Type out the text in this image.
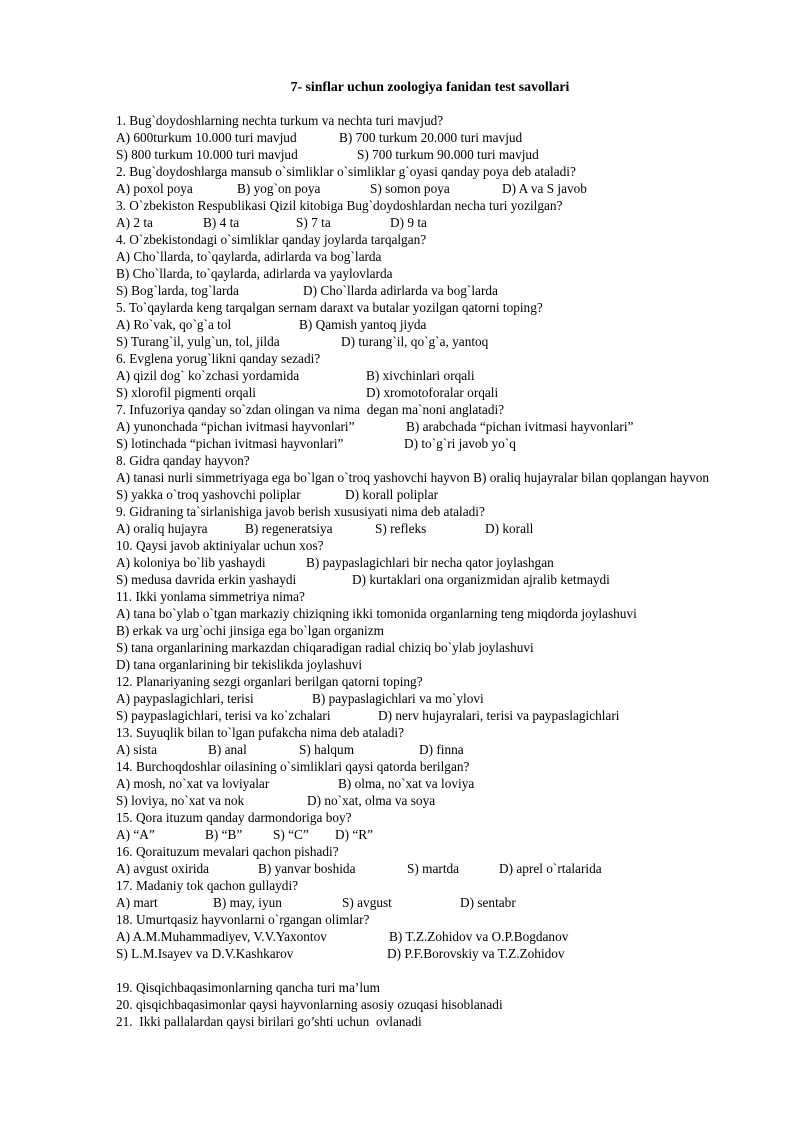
7- sinflar uchun zoologiya fanidan test savollari
1. Bug`doydoshlarning nechta turkum va nechta turi mavjud?
A) 600turkum 10.000 turi mavjud	B) 700 turkum 20.000 turi mavjud
S) 800 turkum 10.000 turi mavjud	S) 700 turkum 90.000 turi mavjud
2. Bug`doydoshlarga mansub o`simliklar o`simliklar g`oyasi qanday poya deb ataladi?
A) poxol poya	B) yog`on poya	S) somon poya	D) A va S javob
3. O`zbekiston Respublikasi Qizil kitobiga Bug`doydoshlardan necha turi yozilgan?
A) 2 ta	B) 4 ta	S) 7 ta	D) 9 ta
4. O`zbekistondagi o`simliklar qanday joylarda tarqalgan?
A) Cho`llarda, to`qaylarda, adirlarda va bog`larda
B) Cho`llarda, to`qaylarda, adirlarda va yaylovlarda
S) Bog`larda, tog`larda	D) Cho`llarda adirlarda va bog`larda
5. To`qaylarda keng tarqalgan sernam daraxt va butalar yozilgan qatorni toping?
A) Ro`vak, qo`g`a tol	B) Qamish yantoq jiyda
S) Turang`il, yulg`un, tol, jilda	D) turang`il, qo`g`a, yantoq
6. Evglena yorug`likni qanday sezadi?
A) qizil dog` ko`zchasi yordamida	B) xivchinlari orqali
S) xlorofil pigmenti orqali	D) xromotoforalar orqali
7. Infuzoriya qanday so`zdan olingan va nima  degan ma`noni anglatadi?
A) yunonchada “pichan ivitmasi hayvonlari”	B) arabchada “pichan ivitmasi hayvonlari”
S) lotinchada “pichan ivitmasi hayvonlari”	D) to`g`ri javob yo`q
8. Gidra qanday hayvon?
A) tanasi nurli simmetriyaga ega bo`lgan o`troq yashovchi hayvon B) oraliq hujayralar bilan qoplangan hayvon
S) yakka o`troq yashovchi poliplar	D) korall poliplar
9. Gidraning ta`sirlanishiga javob berish xususiyati nima deb ataladi?
A) oraliq hujayra	B) regeneratsiya	S) refleks	D) korall
10. Qaysi javob aktiniyalar uchun xos?
A) koloniya bo`lib yashaydi	B) paypaslagichlari bir necha qator joylashgan
S) medusa davrida erkin yashaydi	D) kurtaklari ona organizmidan ajralib ketmaydi
11. Ikki yonlama simmetriya nima?
A) tana bo`ylab o`tgan markaziy chiziqning ikki tomonida organlarning teng miqdorda joylashuvi
B) erkak va urg`ochi jinsiga ega bo`lgan organizm
S) tana organlarining markazdan chiqaradigan radial chiziq bo`ylab joylashuvi
D) tana organlarining bir tekislikda joylashuvi
12. Planariyaning sezgi organlari berilgan qatorni toping?
A) paypaslagichlari, terisi	B) paypaslagichlari va mo`ylovi
S) paypaslagichlari, terisi va ko`zchalari	D) nerv hujayralari, terisi va paypaslagichlari
13. Suyuqlik bilan to`lgan pufakcha nima deb ataladi?
A) sista	B) anal	S) halqum	D) finna
14. Burchoqdoshlar oilasining o`simliklari qaysi qatorda berilgan?
A) mosh, no`xat va loviyalar	B) olma, no`xat va loviya
S) loviya, no`xat va nok	D) no`xat, olma va soya
15. Qora ituzum qanday darmondoriga boy?
A) “A”	B) “B” S) “C” D) “R”
16. Qoraituzum mevalari qachon pishadi?
A) avgust oxirida	B) yanvar boshida	S) martda	D) aprel o`rtalarida
17. Madaniy tok qachon gullaydi?
A) mart	B) may, iyun	S) avgust	D) sentabr
18. Umurtqasiz hayvonlarni o`rgangan olimlar?
A) A.M.Muhammadiyev, V.V.Yaxontov	B) T.Z.Zohidov va O.P.Bogdanov
S) L.M.Isayev va D.V.Kashkarov	D) P.F.Borovskiy va T.Z.Zohidov
19. Qisqichbaqasimonlarning qancha turi ma’lum
20. qisqichbaqasimonlar qaysi hayvonlarning asosiy ozuqasi hisoblanadi
21.  Ikki pallalardan qaysi birilari go’shti uchun  ovlanadi
